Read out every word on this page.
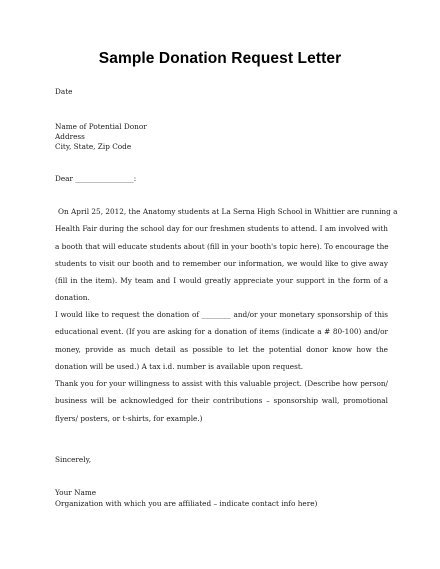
Sample Donation Request Letter
Date
Name of Potential Donor
Address
City, State, Zip Code
Dear ________________:
On April 25, 2012, the Anatomy students at La Serna High School in Whittier are running a
Health Fair during the school day for our freshmen students to attend. I am involved with
a booth that will educate students about (fill in your booth's topic here). To encourage the
students to visit our booth and to remember our information, we would like to give away
(fill in the item). My team and I would greatly appreciate your support in the form of a
donation.
I would like to request the donation of ________ and/or your monetary sponsorship of this
educational event. (If you are asking for a donation of items (indicate a # 80-100) and/or
money, provide as much detail as possible to let the potential donor know how the
donation will be used.) A tax i.d. number is available upon request.
Thank you for your willingness to assist with this valuable project. (Describe how person/
business will be acknowledged for their contributions – sponsorship wall, promotional
flyers/ posters, or t-shirts, for example.)
Sincerely,
Your Name
Organization with which you are affiliated – indicate contact info here)
